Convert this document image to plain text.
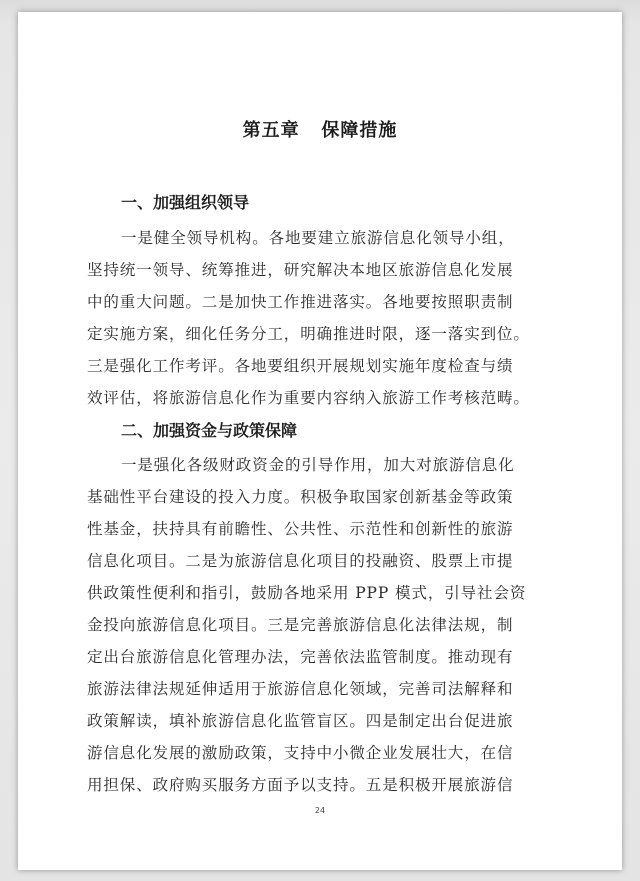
第五章   保障措施
一、加强组织领导
一是健全领导机构。各地要建立旅游信息化领导小组，
坚持统一领导、统筹推进，研究解决本地区旅游信息化发展
中的重大问题。二是加快工作推进落实。各地要按照职责制
定实施方案，细化任务分工，明确推进时限，逐一落实到位。
三是强化工作考评。各地要组织开展规划实施年度检查与绩
效评估，将旅游信息化作为重要内容纳入旅游工作考核范畴。
二、加强资金与政策保障
一是强化各级财政资金的引导作用，加大对旅游信息化
基础性平台建设的投入力度。积极争取国家创新基金等政策
性基金，扶持具有前瞻性、公共性、示范性和创新性的旅游
信息化项目。二是为旅游信息化项目的投融资、股票上市提
供政策性便利和指引，鼓励各地采用 PPP 模式，引导社会资
金投向旅游信息化项目。三是完善旅游信息化法律法规，制
定出台旅游信息化管理办法，完善依法监管制度。推动现有
旅游法律法规延伸适用于旅游信息化领域，完善司法解释和
政策解读，填补旅游信息化监管盲区。四是制定出台促进旅
游信息化发展的激励政策，支持中小微企业发展壮大，在信
用担保、政府购买服务方面予以支持。五是积极开展旅游信
24
